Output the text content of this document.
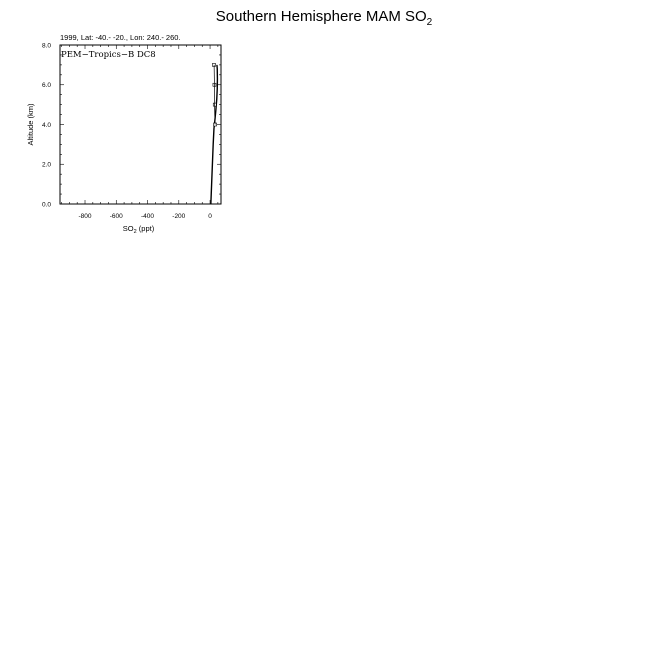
Southern Hemisphere MAM $SO_2$
-800	-600	-400	-200	0
0.0
2.0
4.0
6.0
8.0
1999, Lat: -40.- -20., Lon: 240.- 260.
PEM−Tropics−B DC8
$SO_2$ (ppt)
Altitude (km)
